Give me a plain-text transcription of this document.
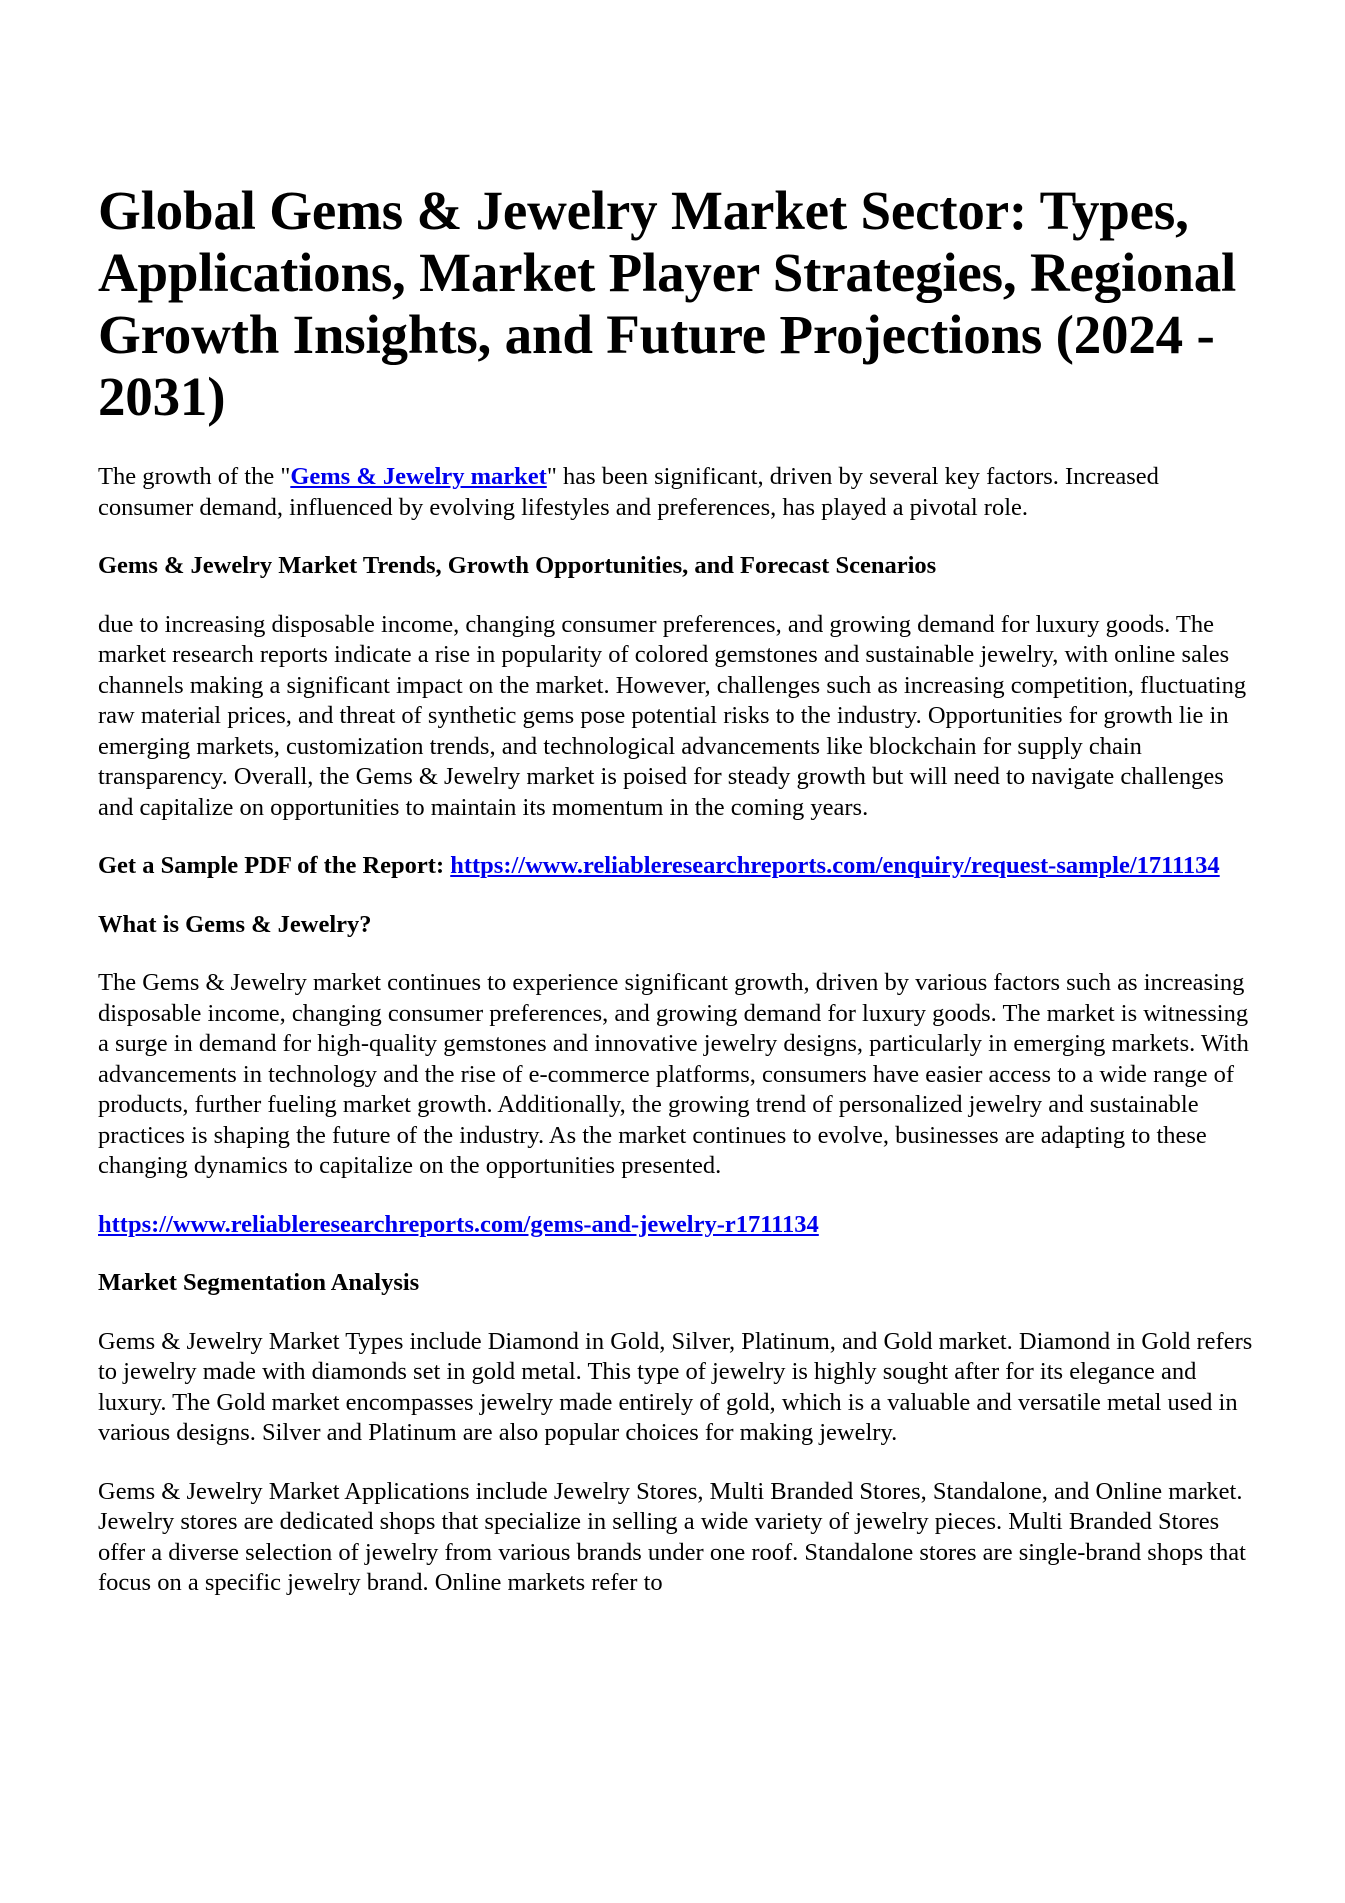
Global Gems & Jewelry Market Sector: Types, Applications, Market Player Strategies, Regional Growth Insights, and Future Projections (2024 - 2031)

The growth of the "Gems & Jewelry market" has been significant, driven by several key factors. Increased consumer demand, influenced by evolving lifestyles and preferences, has played a pivotal role.

Gems & Jewelry Market Trends, Growth Opportunities, and Forecast Scenarios

due to increasing disposable income, changing consumer preferences, and growing demand for luxury goods. The market research reports indicate a rise in popularity of colored gemstones and sustainable jewelry, with online sales channels making a significant impact on the market. However, challenges such as increasing competition, fluctuating raw material prices, and threat of synthetic gems pose potential risks to the industry. Opportunities for growth lie in emerging markets, customization trends, and technological advancements like blockchain for supply chain transparency. Overall, the Gems & Jewelry market is poised for steady growth but will need to navigate challenges and capitalize on opportunities to maintain its momentum in the coming years.

Get a Sample PDF of the Report: https://www.reliableresearchreports.com/enquiry/request-sample/1711134
What is Gems & Jewelry?

The Gems & Jewelry market continues to experience significant growth, driven by various factors such as increasing disposable income, changing consumer preferences, and growing demand for luxury goods. The market is witnessing a surge in demand for high-quality gemstones and innovative jewelry designs, particularly in emerging markets. With advancements in technology and the rise of e-commerce platforms, consumers have easier access to a wide range of products, further fueling market growth. Additionally, the growing trend of personalized jewelry and sustainable practices is shaping the future of the industry. As the market continues to evolve, businesses are adapting to these changing dynamics to capitalize on the opportunities presented.

https://www.reliableresearchreports.com/gems-and-jewelry-r1711134
Market Segmentation Analysis

Gems & Jewelry Market Types include Diamond in Gold, Silver, Platinum, and Gold market. Diamond in Gold refers to jewelry made with diamonds set in gold metal. This type of jewelry is highly sought after for its elegance and luxury. The Gold market encompasses jewelry made entirely of gold, which is a valuable and versatile metal used in various designs. Silver and Platinum are also popular choices for making jewelry.

Gems & Jewelry Market Applications include Jewelry Stores, Multi Branded Stores, Standalone, and Online market. Jewelry stores are dedicated shops that specialize in selling a wide variety of jewelry pieces. Multi Branded Stores offer a diverse selection of jewelry from various brands under one roof. Standalone stores are single-brand shops that focus on a specific jewelry brand. Online markets refer to
